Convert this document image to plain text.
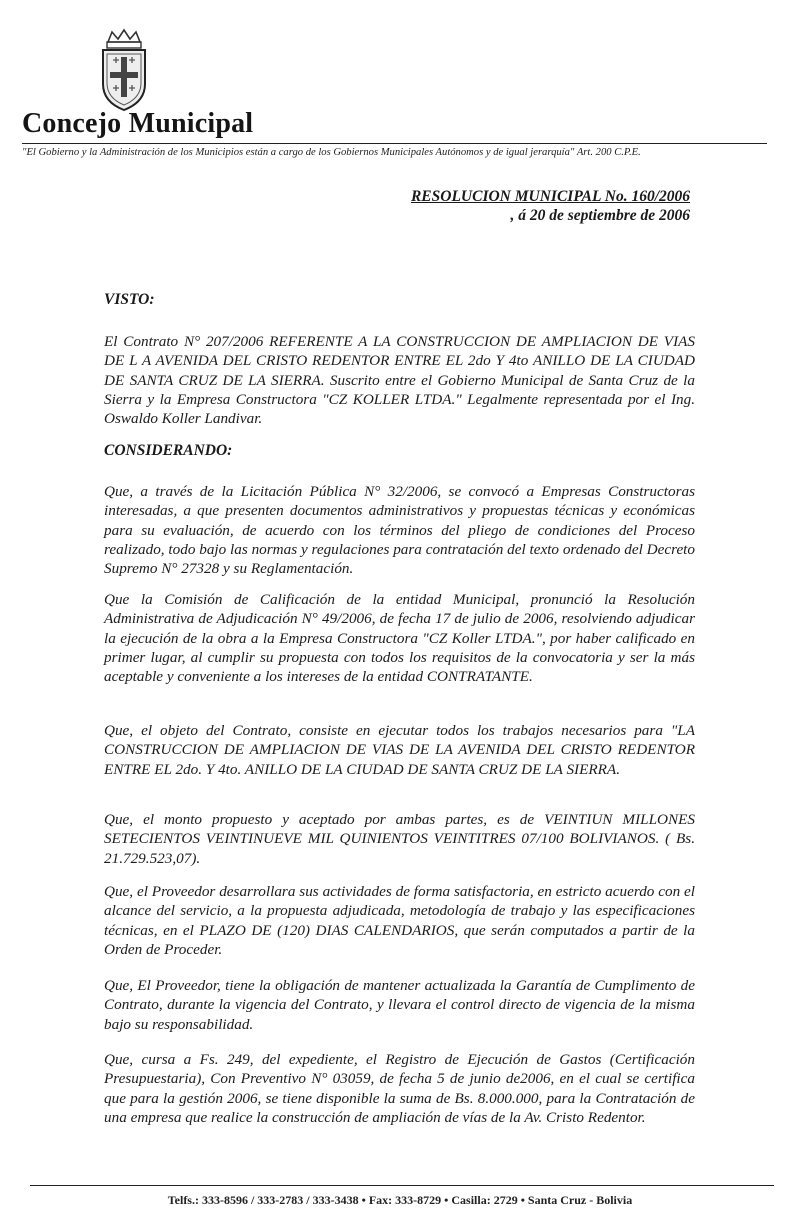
Concejo Municipal
"El Gobierno y la Administración de los Municipios están a cargo de los Gobiernos Municipales Autónomos y de igual jerarquía" Art. 200 C.P.E.
RESOLUCION MUNICIPAL No. 160/2006
, á 20 de septiembre de 2006
VISTO:
El Contrato N° 207/2006 REFERENTE A LA CONSTRUCCION DE AMPLIACION DE VIAS DE L A AVENIDA DEL CRISTO REDENTOR ENTRE EL 2do Y 4to ANILLO DE LA CIUDAD DE SANTA CRUZ DE LA SIERRA. Suscrito entre el Gobierno Municipal de Santa Cruz de la Sierra y la Empresa Constructora "CZ KOLLER LTDA." Legalmente representada por el Ing. Oswaldo Koller Landivar.
CONSIDERANDO:
Que, a través de la Licitación Pública N° 32/2006, se convocó a Empresas Constructoras interesadas, a que presenten documentos administrativos y propuestas técnicas y económicas para su evaluación, de acuerdo con los términos del pliego de condiciones del Proceso realizado, todo bajo las normas y regulaciones para contratación del texto ordenado del Decreto Supremo N° 27328 y su Reglamentación.
Que la Comisión de Calificación de la entidad Municipal, pronunció la Resolución Administrativa de Adjudicación N° 49/2006, de fecha 17 de julio de 2006, resolviendo adjudicar la ejecución de la obra a la Empresa Constructora "CZ Koller LTDA.", por haber calificado en primer lugar, al cumplir su propuesta con todos los requisitos de la convocatoria y ser la más aceptable y conveniente a los intereses de la entidad CONTRATANTE.
Que, el objeto del Contrato, consiste en ejecutar todos los trabajos necesarios para "LA CONSTRUCCION DE AMPLIACION DE VIAS DE LA AVENIDA DEL CRISTO REDENTOR ENTRE EL 2do. Y 4to. ANILLO DE LA CIUDAD DE SANTA CRUZ DE LA SIERRA.
Que, el monto propuesto y aceptado por ambas partes, es de VEINTIUN MILLONES SETECIENTOS VEINTINUEVE MIL QUINIENTOS VEINTITRES 07/100 BOLIVIANOS. ( Bs. 21.729.523,07).
Que, el Proveedor desarrollara sus actividades de forma satisfactoria, en estricto acuerdo con el alcance del servicio, a la propuesta adjudicada, metodología de trabajo y las especificaciones técnicas, en el PLAZO DE (120) DIAS CALENDARIOS, que serán computados a partir de la Orden de Proceder.
Que, El Proveedor, tiene la obligación de mantener actualizada la Garantía de Cumplimento de Contrato, durante la vigencia del Contrato, y llevara el control directo de vigencia de la misma bajo su responsabilidad.
Que, cursa a Fs. 249, del expediente, el Registro de Ejecución de Gastos (Certificación Presupuestaria), Con Preventivo N° 03059, de fecha 5 de junio de2006, en el cual se certifica que para la gestión 2006, se tiene disponible la suma de Bs. 8.000.000, para la Contratación de una empresa que realice la construcción de ampliación de vías de la Av. Cristo Redentor.
Telfs.: 333-8596 / 333-2783 / 333-3438 • Fax: 333-8729 • Casilla: 2729 • Santa Cruz - Bolivia
